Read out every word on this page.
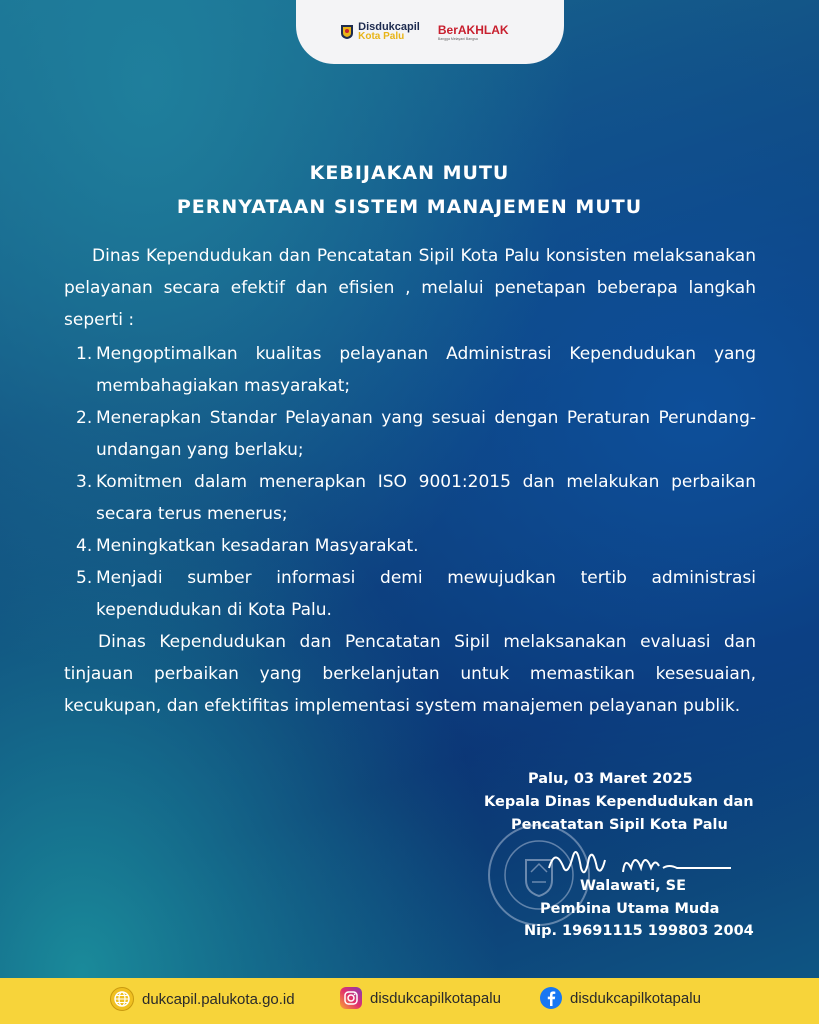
Disdukcapil
Kota Palu	BerAKHLAK
Bangga Melayani Bangsa
KEBIJAKAN MUTU
PERNYATAAN SISTEM MANAJEMEN MUTU
Dinas Kependudukan dan Pencatatan Sipil Kota Palu konsisten melaksanakan pelayanan secara efektif dan efisien , melalui penetapan beberapa langkah seperti :
1. Mengoptimalkan kualitas pelayanan Administrasi Kependudukan yang membahagiakan masyarakat;
2. Menerapkan Standar Pelayanan yang sesuai dengan Peraturan Perundang-undangan yang berlaku;
3. Komitmen dalam menerapkan ISO 9001:2015 dan melakukan perbaikan secara terus menerus;
4. Meningkatkan kesadaran Masyarakat.
5. Menjadi sumber informasi demi mewujudkan tertib administrasi kependudukan di Kota Palu.
Dinas Kependudukan dan Pencatatan Sipil melaksanakan evaluasi dan tinjauan perbaikan yang berkelanjutan untuk memastikan kesesuaian, kecukupan, dan efektifitas implementasi system manajemen pelayanan publik.
Palu, 03 Maret 2025
Kepala Dinas Kependudukan dan
Pencatatan Sipil Kota Palu
Walawati, SE
Pembina Utama Muda
Nip. 19691115 199803 2004
dukcapil.palukota.go.id	disdukcapilkotapalu	disdukcapilkotapalu
